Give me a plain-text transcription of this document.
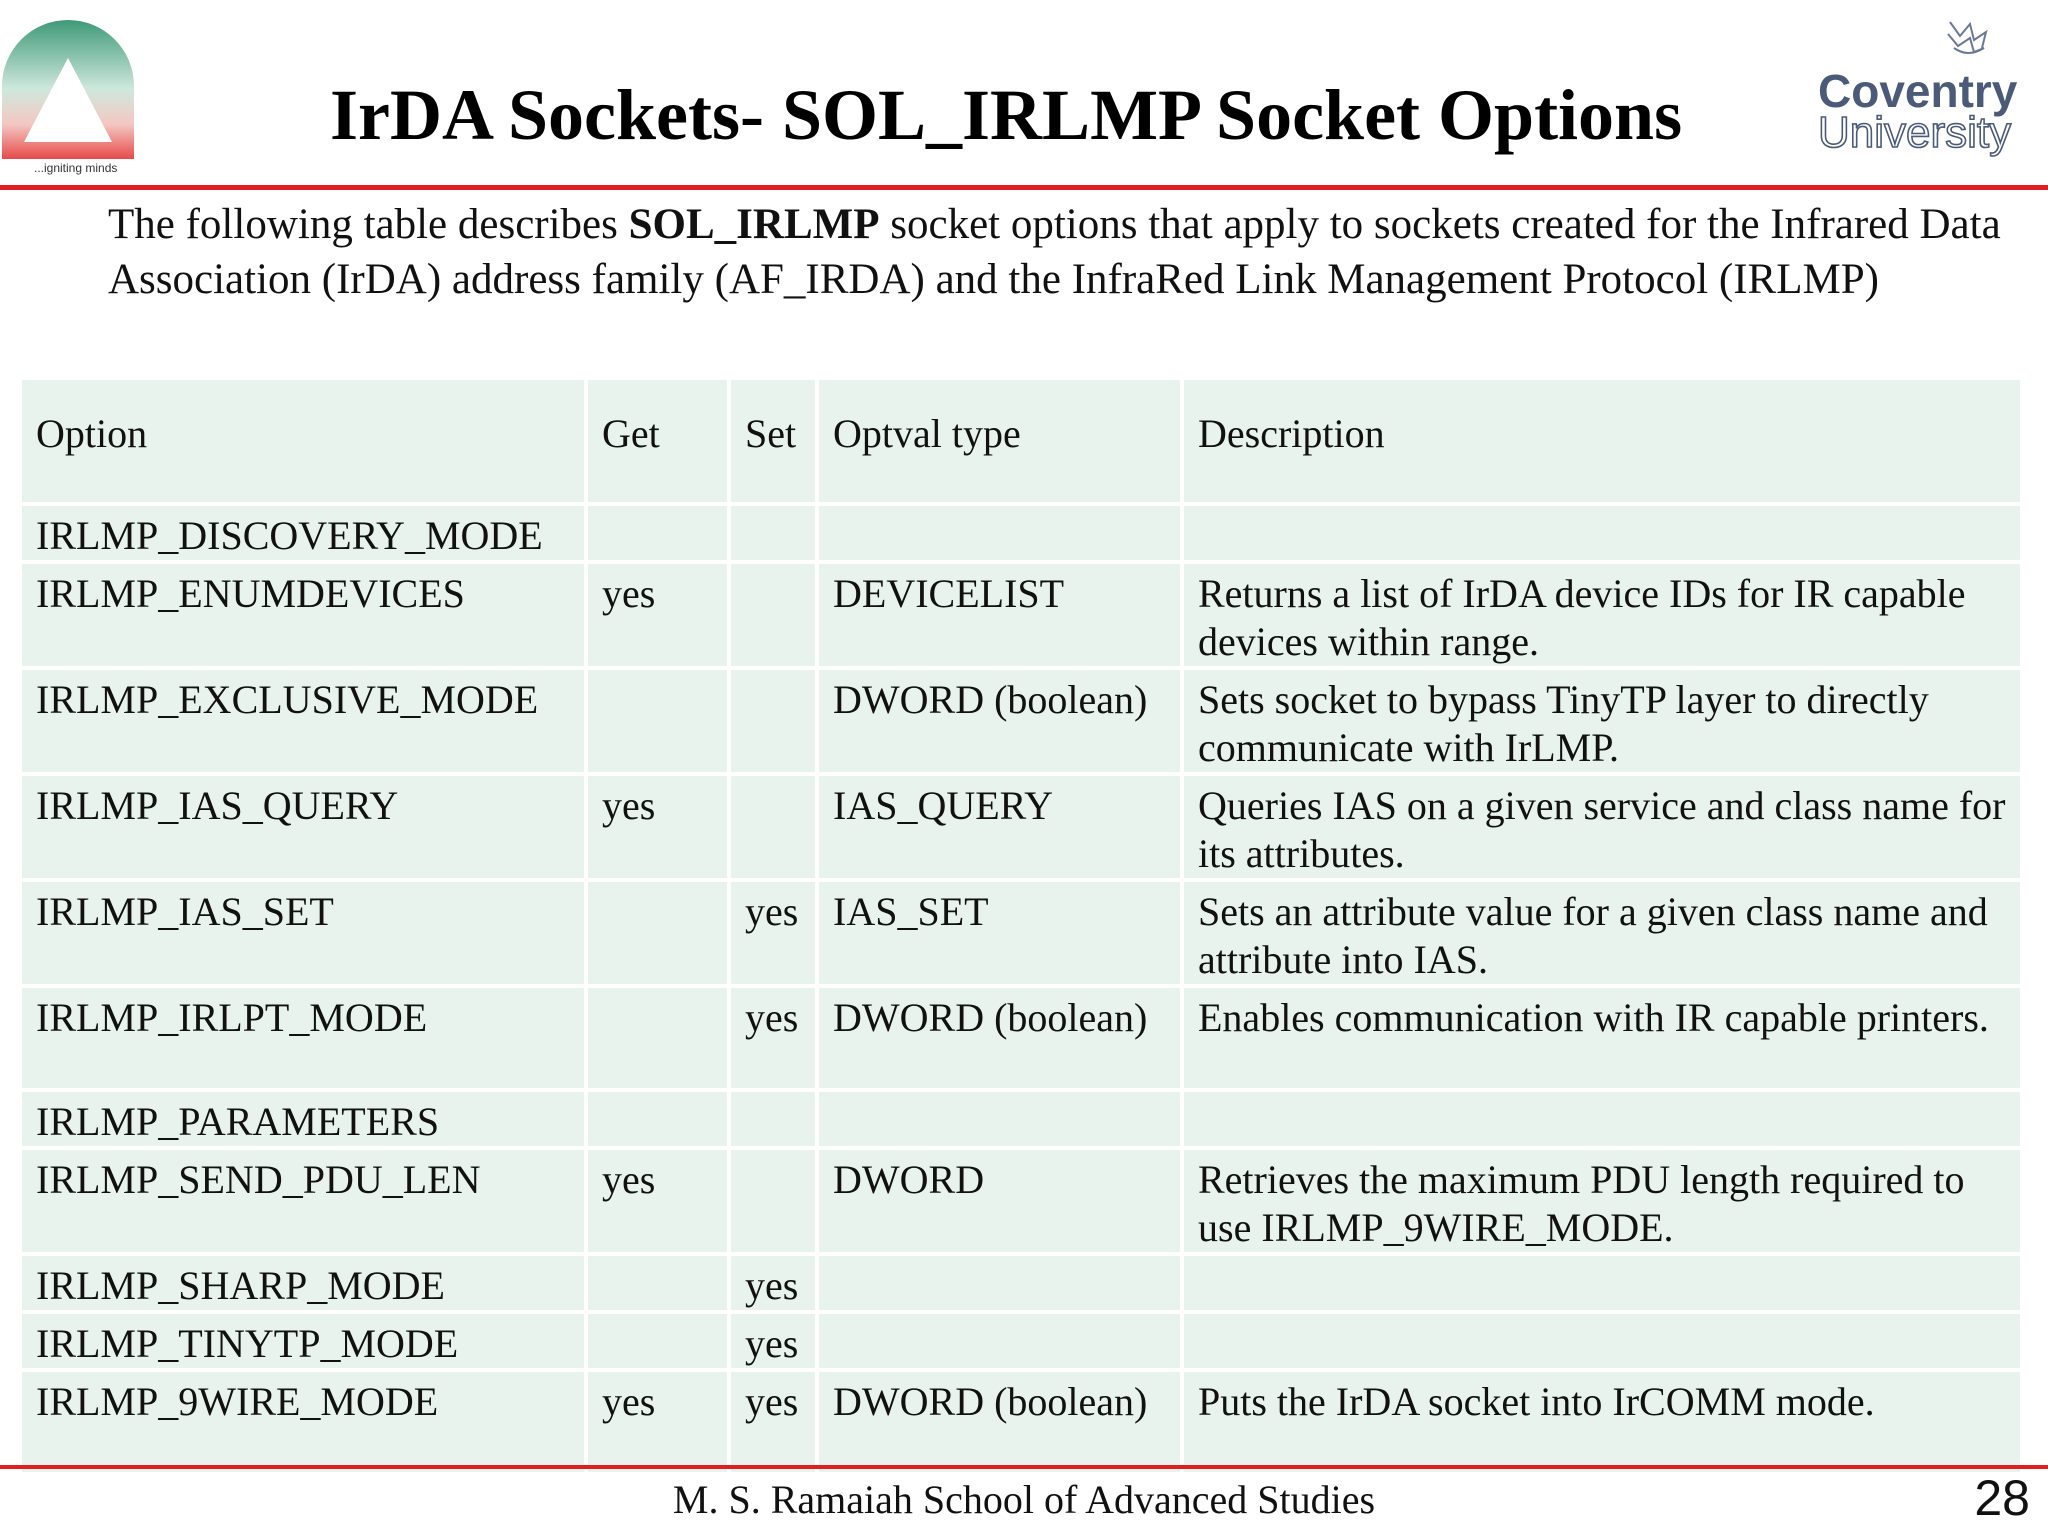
...igniting minds
IrDA Sockets- SOL_IRLMP Socket Options	Coventry
University
The following table describes SOL_IRLMP socket options that apply to sockets created for the Infrared Data Association (IrDA) address family (AF_IRDA) and the InfraRed Link Management Protocol (IRLMP)
Option	Get	Set	Optval type	Description
IRLMP_DISCOVERY_MODE				
IRLMP_ENUMDEVICES	yes		DEVICELIST	Returns a list of IrDA device IDs for IR capable devices within range.
IRLMP_EXCLUSIVE_MODE			DWORD (boolean)	Sets socket to bypass TinyTP layer to directly communicate with IrLMP.
IRLMP_IAS_QUERY	yes		IAS_QUERY	Queries IAS on a given service and class name for its attributes.
IRLMP_IAS_SET		yes	IAS_SET	Sets an attribute value for a given class name and attribute into IAS.
IRLMP_IRLPT_MODE		yes	DWORD (boolean)	Enables communication with IR capable printers.
IRLMP_PARAMETERS				
IRLMP_SEND_PDU_LEN	yes		DWORD	Retrieves the maximum PDU length required to use IRLMP_9WIRE_MODE.
IRLMP_SHARP_MODE		yes		
IRLMP_TINYTP_MODE		yes		
IRLMP_9WIRE_MODE	yes	yes	DWORD (boolean)	Puts the IrDA socket into IrCOMM mode.
M. S. Ramaiah School of Advanced Studies	28
